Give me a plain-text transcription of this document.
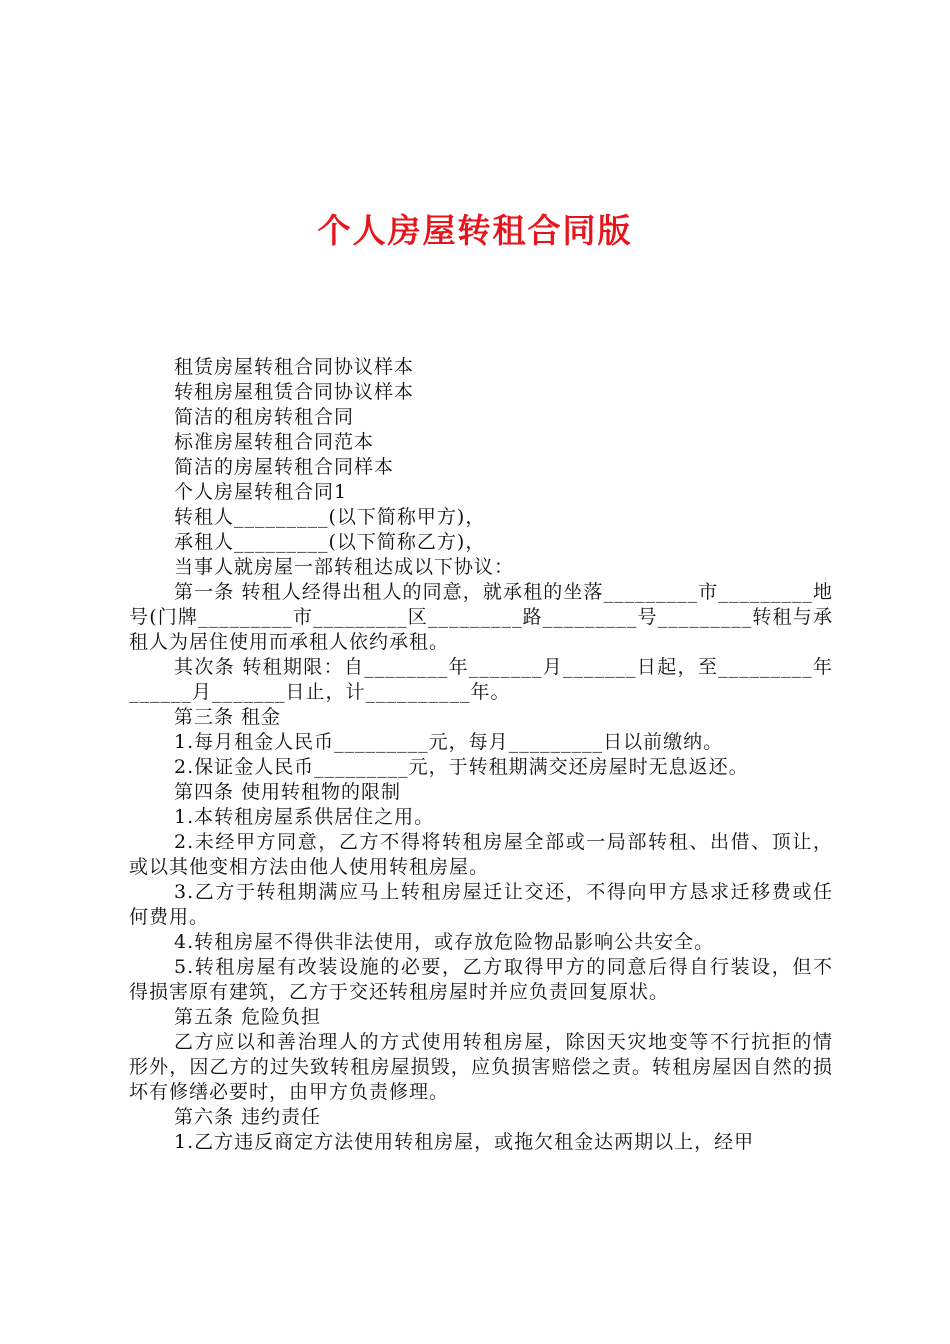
个人房屋转租合同版

租赁房屋转租合同协议样本

转租房屋租赁合同协议样本

简洁的租房转租合同

标准房屋转租合同范本

简洁的房屋转租合同样本

个人房屋转租合同1

转租人_________(以下简称甲方)，

承租人_________(以下简称乙方)，

当事人就房屋一部转租达成以下协议：

第一条 转租人经得出租人的同意，就承租的坐落_________市_________地号(门牌_________市_________区_________路_________号_________转租与承租人为居住使用而承租人依约承租。

其次条 转租期限：自________年_______月_______日起，至_________年______月_______日止，计__________年。

第三条 租金

1.每月租金人民币_________元，每月_________日以前缴纳。

2.保证金人民币_________元，于转租期满交还房屋时无息返还。

第四条 使用转租物的限制

1.本转租房屋系供居住之用。

2.未经甲方同意，乙方不得将转租房屋全部或一局部转租、出借、顶让，或以其他变相方法由他人使用转租房屋。

3.乙方于转租期满应马上转租房屋迁让交还，不得向甲方恳求迁移费或任何费用。

4.转租房屋不得供非法使用，或存放危险物品影响公共安全。

5.转租房屋有改装设施的必要，乙方取得甲方的同意后得自行装设，但不得损害原有建筑，乙方于交还转租房屋时并应负责回复原状。

第五条 危险负担

乙方应以和善治理人的方式使用转租房屋，除因天灾地变等不行抗拒的情形外，因乙方的过失致转租房屋损毁，应负损害赔偿之责。转租房屋因自然的损坏有修缮必要时，由甲方负责修理。

第六条 违约责任

1.乙方违反商定方法使用转租房屋，或拖欠租金达两期以上，经甲
